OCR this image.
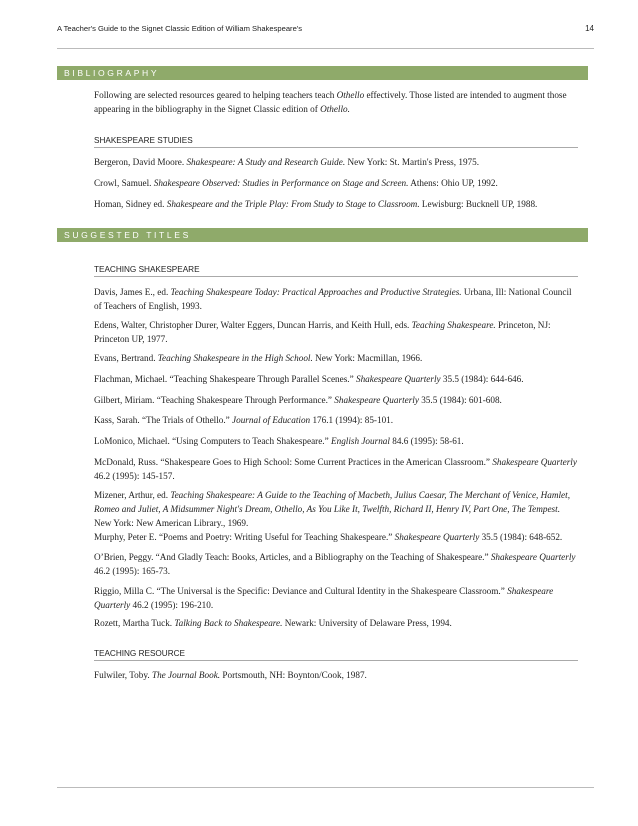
A Teacher's Guide to the Signet Classic Edition of William Shakespeare's	14
BIBLIOGRAPHY
Following are selected resources geared to helping teachers teach Othello effectively. Those listed are intended to augment those appearing in the bibliography in the Signet Classic edition of Othello.
SHAKESPEARE STUDIES
Bergeron, David Moore. Shakespeare: A Study and Research Guide. New York: St. Martin's Press, 1975.
Crowl, Samuel. Shakespeare Observed: Studies in Performance on Stage and Screen. Athens: Ohio UP, 1992.
Homan, Sidney ed. Shakespeare and the Triple Play: From Study to Stage to Classroom. Lewisburg: Bucknell UP, 1988.
SUGGESTED TITLES
TEACHING SHAKESPEARE
Davis, James E., ed. Teaching Shakespeare Today: Practical Approaches and Productive Strategies. Urbana, Ill: National Council of Teachers of English, 1993.
Edens, Walter, Christopher Durer, Walter Eggers, Duncan Harris, and Keith Hull, eds. Teaching Shakespeare. Princeton, NJ: Princeton UP, 1977.
Evans, Bertrand. Teaching Shakespeare in the High School. New York: Macmillan, 1966.
Flachman, Michael. “Teaching Shakespeare Through Parallel Scenes.” Shakespeare Quarterly 35.5 (1984): 644-646.
Gilbert, Miriam. “Teaching Shakespeare Through Performance.” Shakespeare Quarterly 35.5 (1984): 601-608.
Kass, Sarah. “The Trials of Othello.” Journal of Education 176.1 (1994): 85-101.
LoMonico, Michael. “Using Computers to Teach Shakespeare.” English Journal 84.6 (1995): 58-61.
McDonald, Russ. “Shakespeare Goes to High School: Some Current Practices in the American Classroom.” Shakespeare Quarterly 46.2 (1995): 145-157.
Mizener, Arthur, ed. Teaching Shakespeare: A Guide to the Teaching of Macbeth, Julius Caesar, The Merchant of Venice, Hamlet, Romeo and Juliet, A Midsummer Night's Dream, Othello, As You Like It, Twelfth, Richard II, Henry IV, Part One, The Tempest. New York: New American Library., 1969.
Murphy, Peter E. “Poems and Poetry: Writing Useful for Teaching Shakespeare.” Shakespeare Quarterly 35.5 (1984): 648-652.
O’Brien, Peggy. “And Gladly Teach: Books, Articles, and a Bibliography on the Teaching of Shakespeare.” Shakespeare Quarterly 46.2 (1995): 165-73.
Riggio, Milla C. “The Universal is the Specific: Deviance and Cultural Identity in the Shakespeare Classroom.” Shakespeare Quarterly 46.2 (1995): 196-210.
Rozett, Martha Tuck. Talking Back to Shakespeare. Newark: University of Delaware Press, 1994.
TEACHING RESOURCE
Fulwiler, Toby. The Journal Book. Portsmouth, NH: Boynton/Cook, 1987.
